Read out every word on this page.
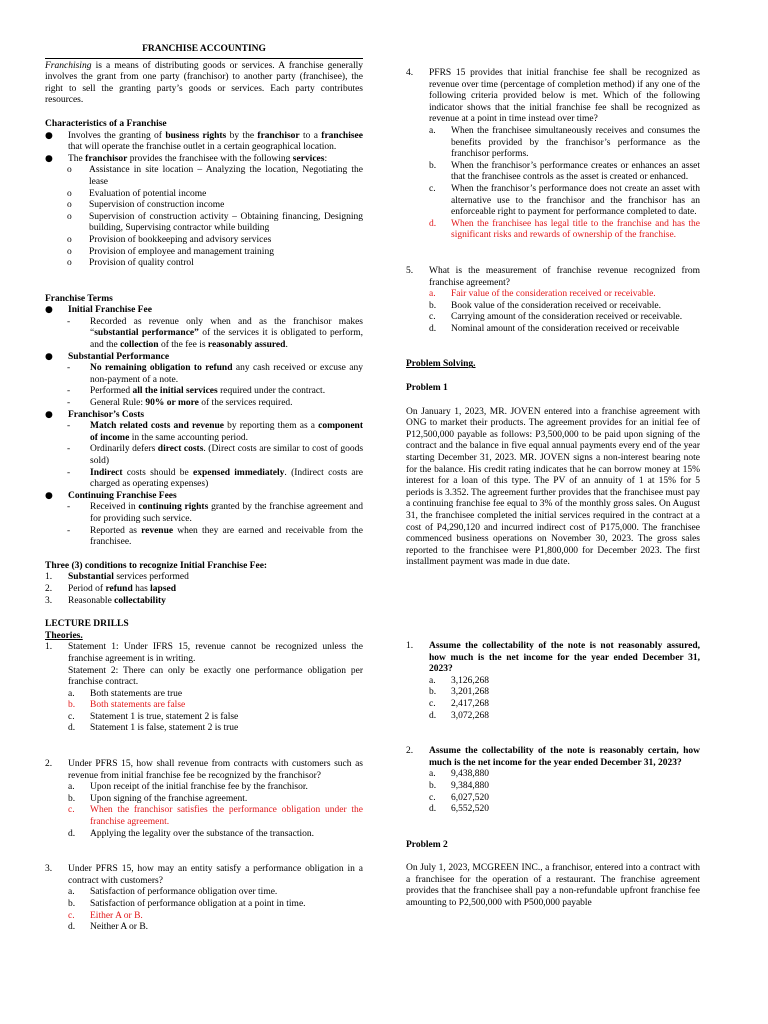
FRANCHISE ACCOUNTING

Franchising is a means of distributing goods or services. A franchise generally involves the grant from one party (franchisor) to another party (franchisee), the right to sell the granting party’s goods or services. Each party contributes resources.

Characteristics of a Franchise

●	Involves the granting of business rights by the franchisor to a franchisee that will operate the franchise outlet in a certain geographical location.
●	The franchisor provides the franchisee with the following services:
o	Assistance in site location – Analyzing the location, Negotiating the lease
o	Evaluation of potential income
o	Supervision of construction income
o	Supervision of construction activity – Obtaining financing, Designing building, Supervising contractor while building
o	Provision of bookkeeping and advisory services
o	Provision of employee and management training
o	Provision of quality control

Franchise Terms

●	Initial Franchise Fee
-	Recorded as revenue only when and as the franchisor makes “substantial performance” of the services it is obligated to perform, and the collection of the fee is reasonably assured.
●	Substantial Performance
-	No remaining obligation to refund any cash received or excuse any non-payment of a note.
-	Performed all the initial services required under the contract.
-	General Rule: 90% or more of the services required.
●	Franchisor’s Costs
-	Match related costs and revenue by reporting them as a component of income in the same accounting period.
-	Ordinarily defers direct costs. (Direct costs are similar to cost of goods sold)
-	Indirect costs should be expensed immediately. (Indirect costs are charged as operating expenses)
●	Continuing Franchise Fees
-	Received in continuing rights granted by the franchise agreement and for providing such service.
-	Reported as revenue when they are earned and receivable from the franchisee.

Three (3) conditions to recognize Initial Franchise Fee:

1.	Substantial services performed
2.	Period of refund has lapsed
3.	Reasonable collectability

LECTURE DRILLS

Theories.

1.	Statement 1: Under IFRS 15, revenue cannot be recognized unless the franchise agreement is in writing.
Statement 2: There can only be exactly one performance obligation per franchise contract.
a.	Both statements are true
b.	Both statements are false
c.	Statement 1 is true, statement 2 is false
d.	Statement 1 is false, statement 2 is true
2.	Under PFRS 15, how shall revenue from contracts with customers such as revenue from initial franchise fee be recognized by the franchisor?
a.	Upon receipt of the initial franchise fee by the franchisor.
b.	Upon signing of the franchise agreement.
c.	When the franchisor satisfies the performance obligation under the franchise agreement.
d.	Applying the legality over the substance of the transaction.
3.	Under PFRS 15, how may an entity satisfy a performance obligation in a contract with customers?
a.	Satisfaction of performance obligation over time.
b.	Satisfaction of performance obligation at a point in time.
c.	Either A or B.
d.	Neither A or B.
4.	PFRS 15 provides that initial franchise fee shall be recognized as revenue over time (percentage of completion method) if any one of the following criteria provided below is met. Which of the following indicator shows that the initial franchise fee shall be recognized as revenue at a point in time instead over time?
a.	When the franchisee simultaneously receives and consumes the benefits provided by the franchisor’s performance as the franchisor performs.
b.	When the franchisor’s performance creates or enhances an asset that the franchisee controls as the asset is created or enhanced.
c.	When the franchisor’s performance does not create an asset with alternative use to the franchisor and the franchisor has an enforceable right to payment for performance completed to date.
d.	When the franchisee has legal title to the franchise and has the significant risks and rewards of ownership of the franchise.
5.	What is the measurement of franchise revenue recognized from franchise agreement?
a.	Fair value of the consideration received or receivable.
b.	Book value of the consideration received or receivable.
c.	Carrying amount of the consideration received or receivable.
d.	Nominal amount of the consideration received or receivable

Problem Solving.

Problem 1

On January 1, 2023, MR. JOVEN entered into a franchise agreement with ONG to market their products. The agreement provides for an initial fee of P12,500,000 payable as follows: P3,500,000 to be paid upon signing of the contract and the balance in five equal annual payments every end of the year starting December 31, 2023. MR. JOVEN signs a non-interest bearing note for the balance. His credit rating indicates that he can borrow money at 15% interest for a loan of this type. The PV of an annuity of 1 at 15% for 5 periods is 3.352. The agreement further provides that the franchisee must pay a continuing franchise fee equal to 3% of the monthly gross sales. On August 31, the franchisee completed the initial services required in the contract at a cost of P4,290,120 and incurred indirect cost of P175,000. The franchisee commenced business operations on November 30, 2023. The gross sales reported to the franchisee were P1,800,000 for December 2023. The first installment payment was made in due date.

1.	Assume the collectability of the note is not reasonably assured, how much is the net income for the year ended December 31, 2023?
a.	3,126,268
b.	3,201,268
c.	2,417,268
d.	3,072,268
2.	Assume the collectability of the note is reasonably certain, how much is the net income for the year ended December 31, 2023?
a.	9,438,880
b.	9,384,880
c.	6,027,520
d.	6,552,520

Problem 2

On July 1, 2023, MCGREEN INC., a franchisor, entered into a contract with a franchisee for the operation of a restaurant. The franchise agreement provides that the franchisee shall pay a non-refundable upfront franchise fee amounting to P2,500,000 with P500,000 payable
